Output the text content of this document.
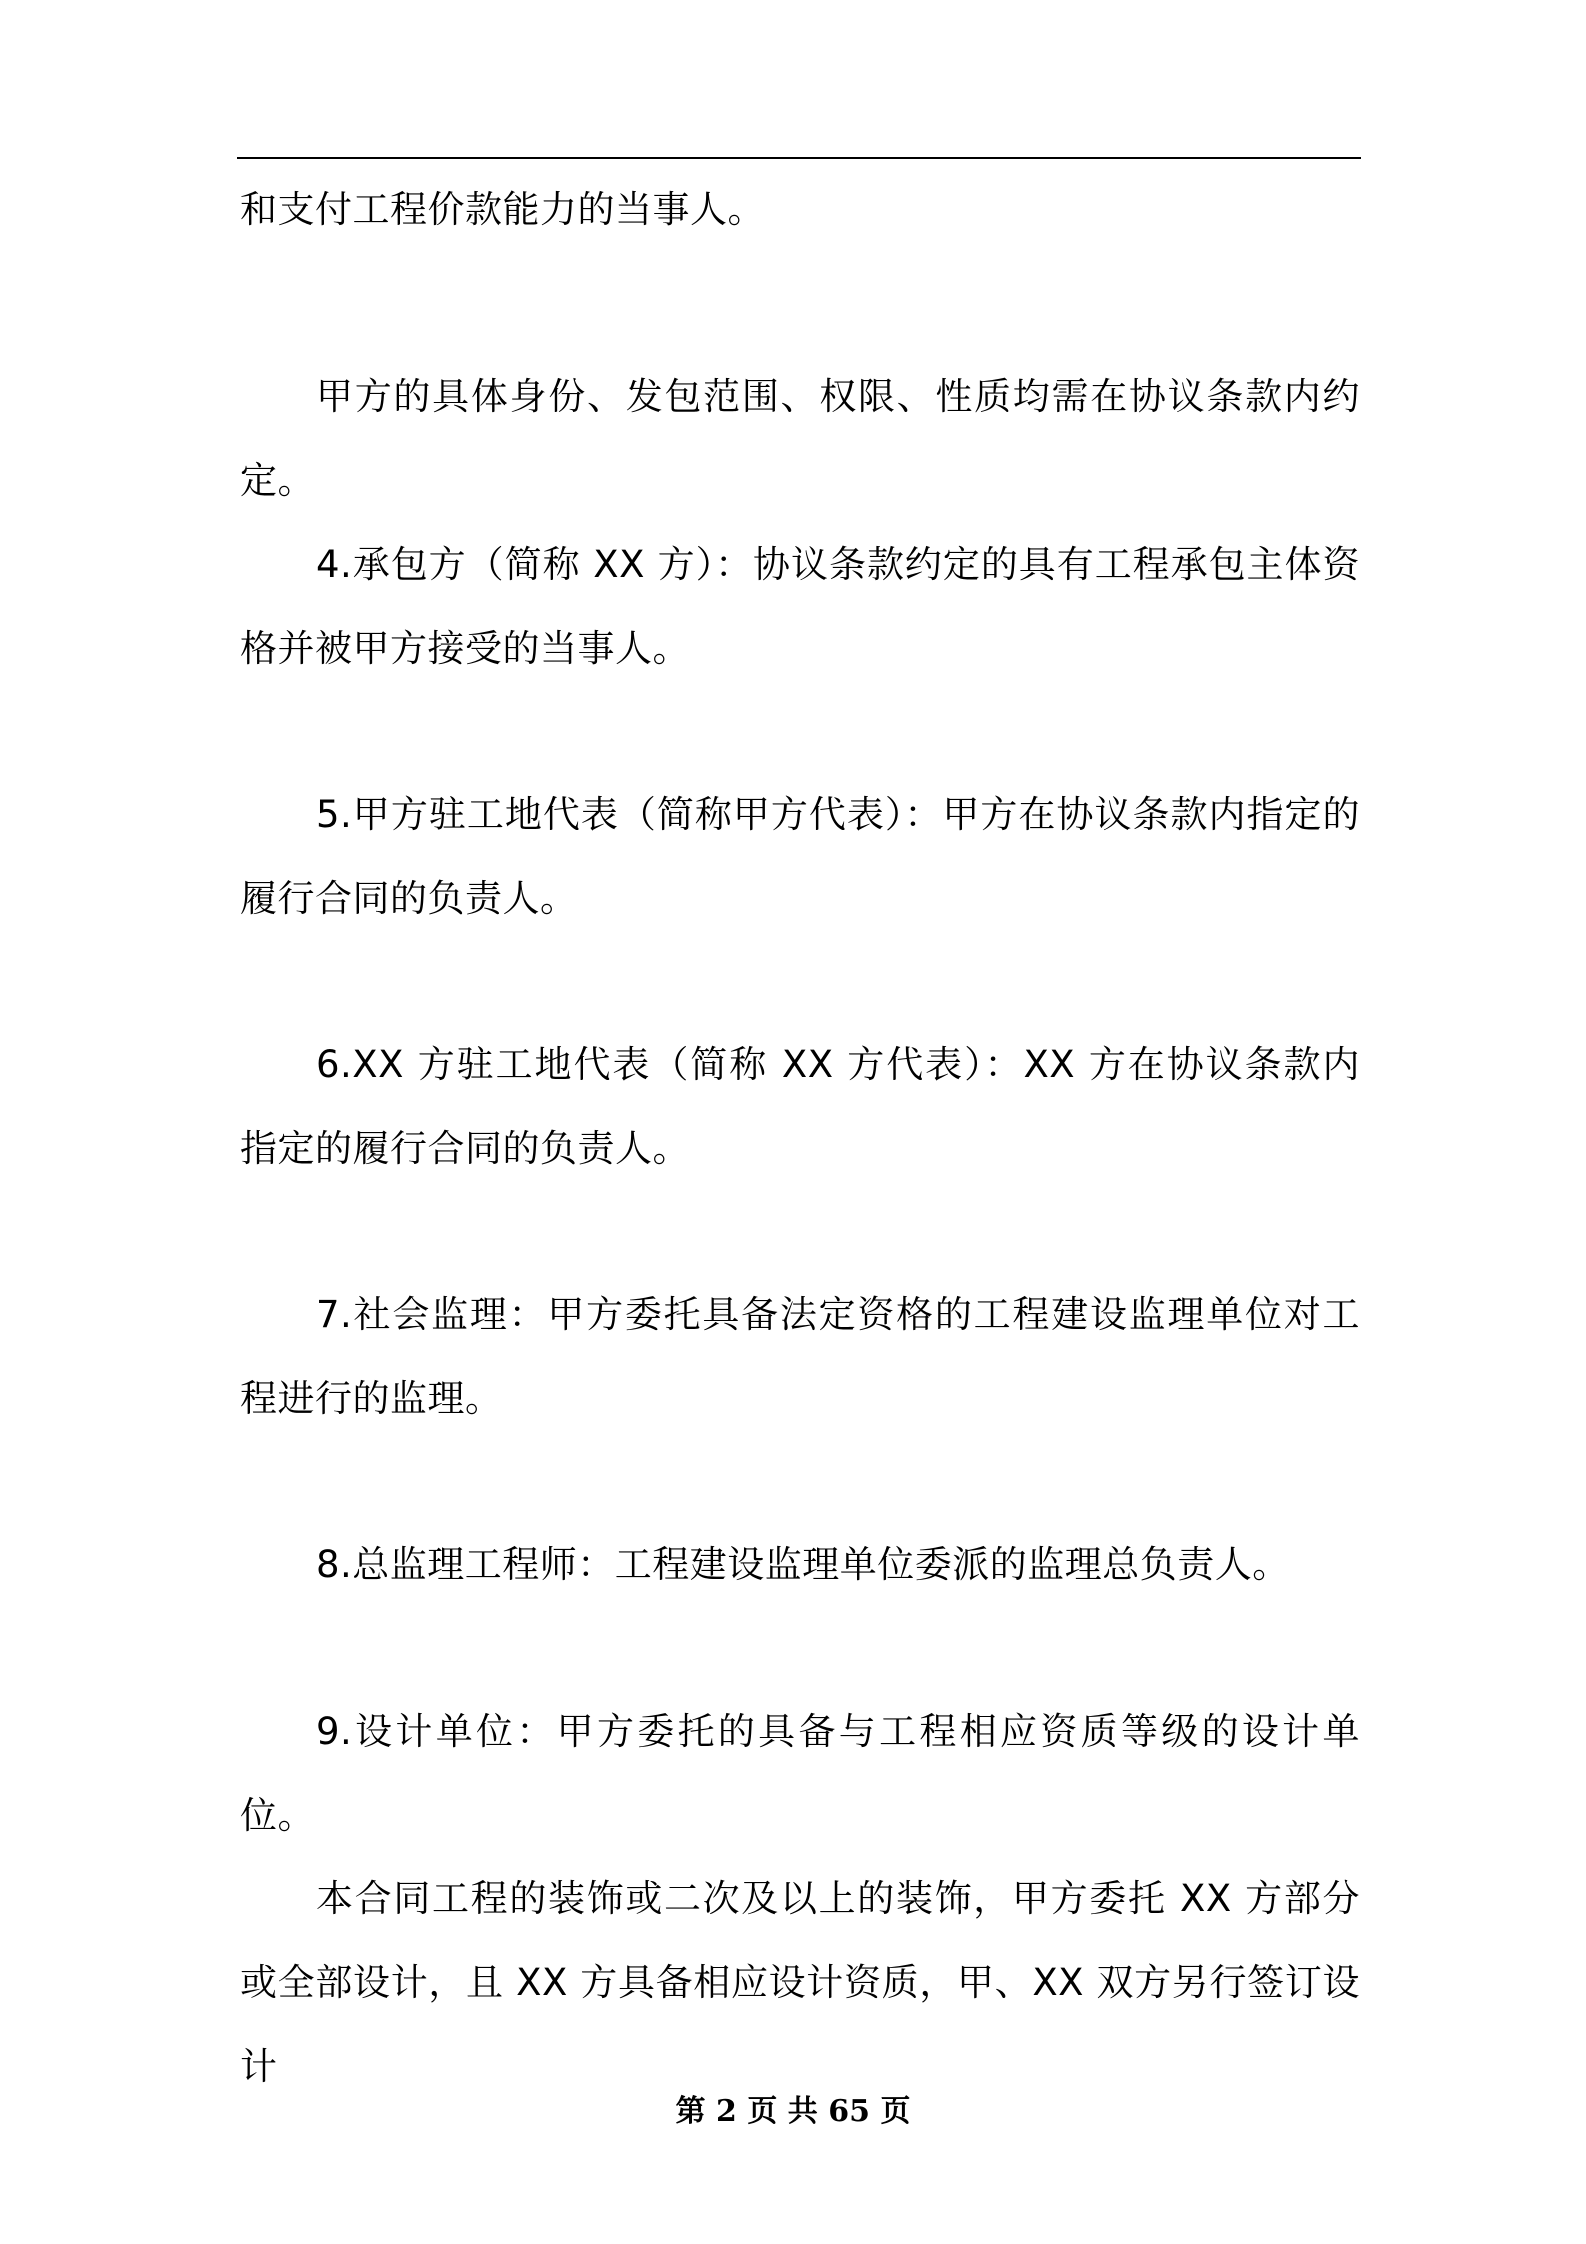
和支付工程价款能力的当事人。

甲方的具体身份、发包范围、权限、性质均需在协议条款内约定。

4.承包方（简称 XX 方）：协议条款约定的具有工程承包主体资格并被甲方接受的当事人。

5.甲方驻工地代表（简称甲方代表）：甲方在协议条款内指定的履行合同的负责人。

6.XX 方驻工地代表（简称 XX 方代表）：XX 方在协议条款内指定的履行合同的负责人。

7.社会监理：甲方委托具备法定资格的工程建设监理单位对工程进行的监理。

8.总监理工程师：工程建设监理单位委派的监理总负责人。

9.设计单位：甲方委托的具备与工程相应资质等级的设计单位。

本合同工程的装饰或二次及以上的装饰，甲方委托 XX 方部分或全部设计，且 XX 方具备相应设计资质，甲、XX 双方另行签订设计

第 2 页 共 65 页
